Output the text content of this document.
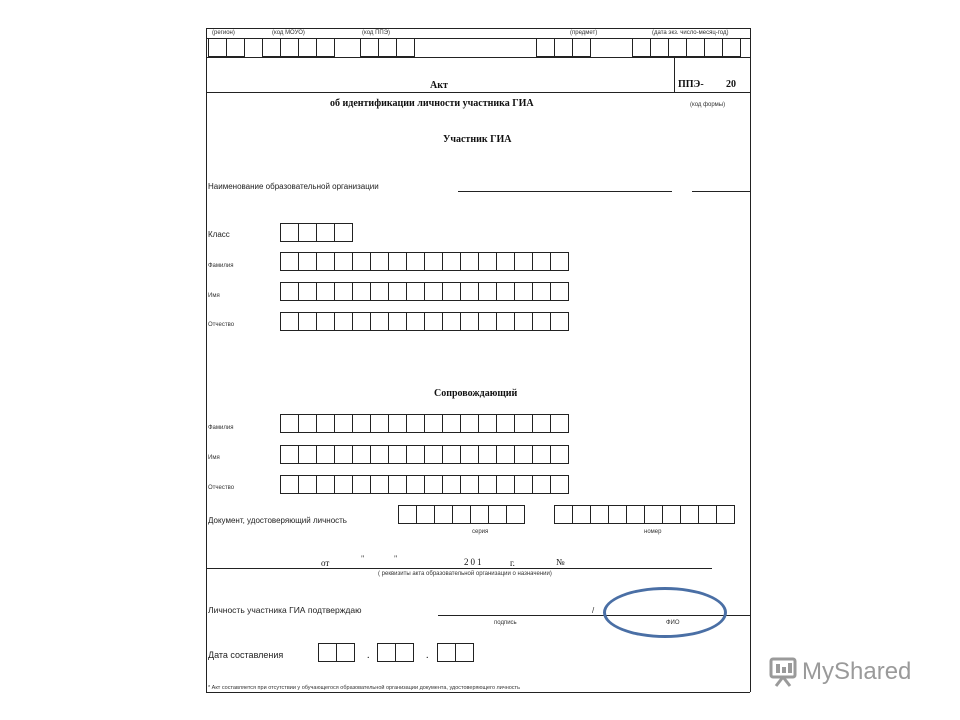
(регион)	(код МОУО)	(код ППЭ)	(предмет)	(дата экз. число-месяц-год)
Акт	ППЭ- 20
об идентификации личности участника ГИА	(код формы)
Участник ГИА
Наименование образовательной организации
Класс
Фамилия
Имя
Отчество
Сопровождающий
Фамилия
Имя
Отчество
Документ, удостоверяющий личность
серия	номер
от	"	"	201	г.	№
( реквизиты акта образовательной организации о назначении)
Личность участника ГИА подтверждаю	/
подпись	ФИО
Дата составления	.	.
* Акт составляется при отсутствии у обучающегося образовательной организации документа, удостоверяющего личность
MyShared
